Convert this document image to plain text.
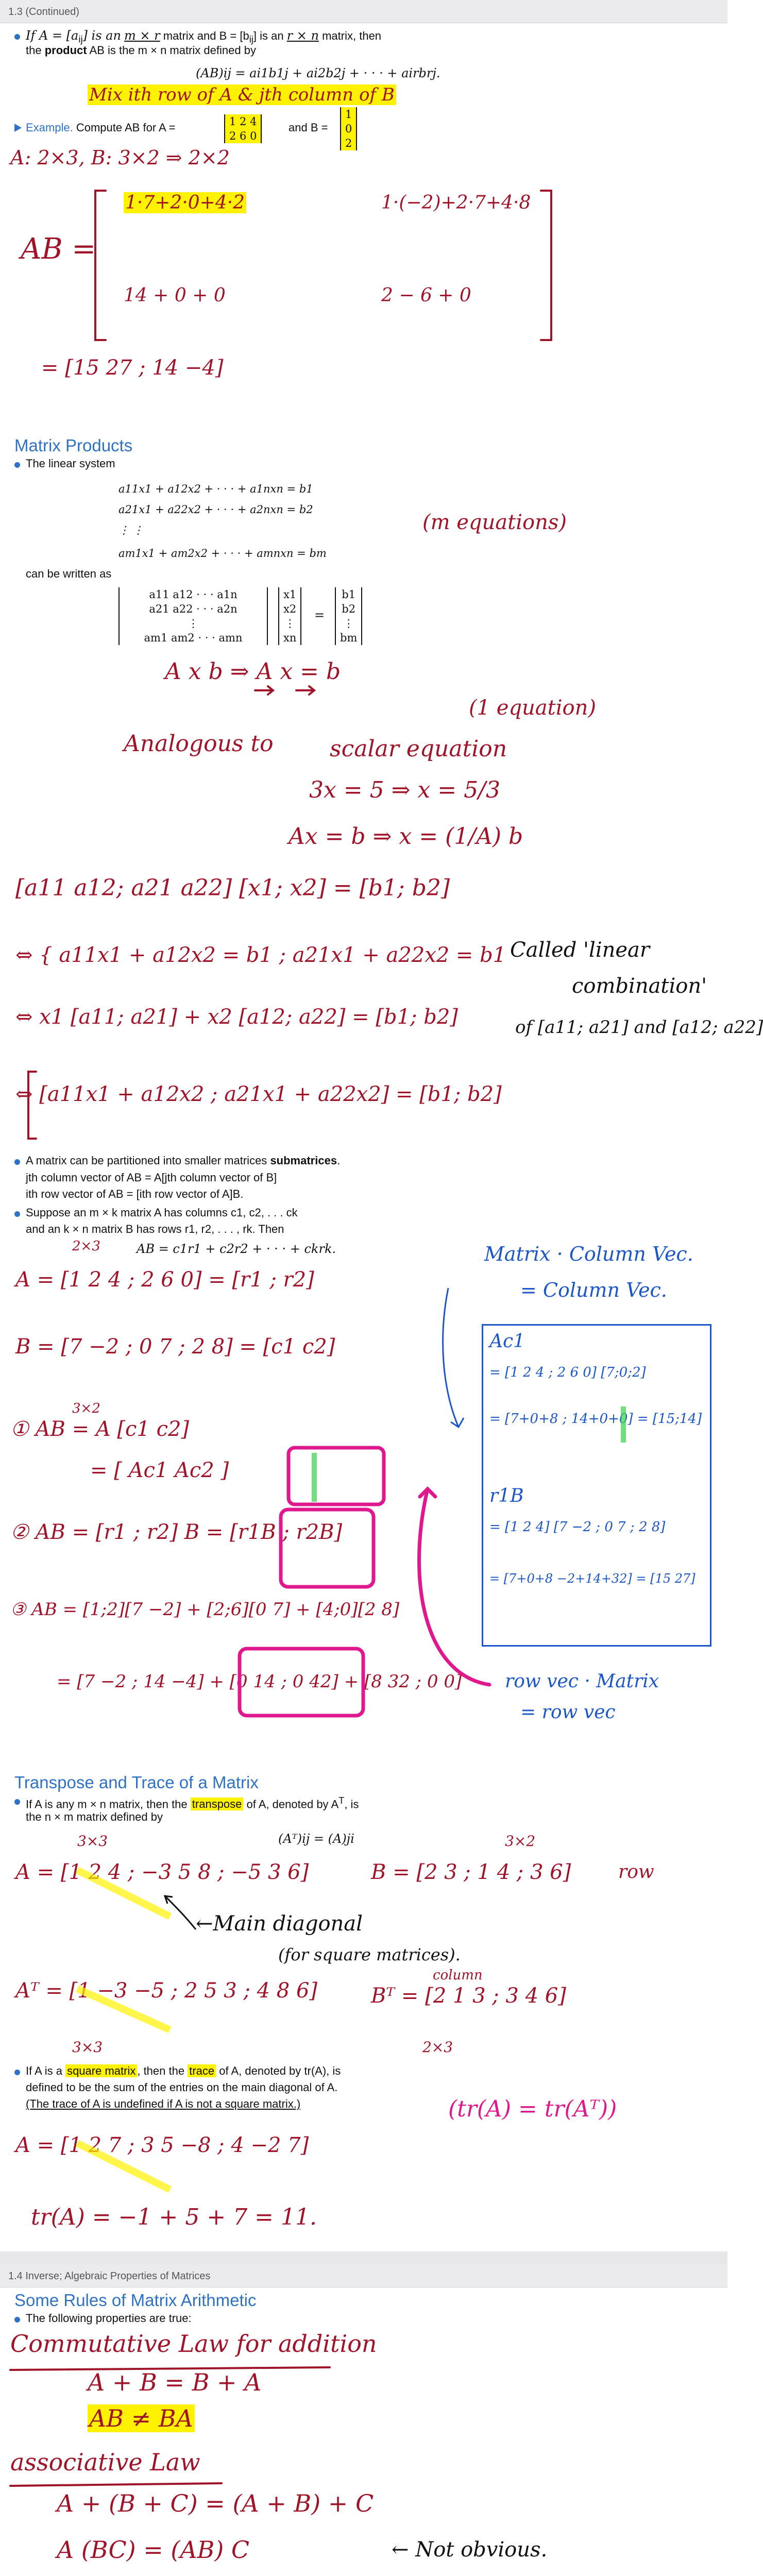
1.3 (Continued)
If $A = [a_{ij}]$ is an m × r matrix and $B = [b_{ij}]$ is an r × n matrix, then
the product AB is the m × n matrix defined by
(AB)ij = ai1b1j + ai2b2j + · · · + airbrj.
Mix ith row of A & jth column of B
Example. Compute AB for A =	1 2 4
2 6 0
and B =
1
0
2
A: 2×3, B: 3×2 ⇒ 2×2
AB =
1·7+2·0+4·2	1·(−2)+2·7+4·8
14 + 0 + 0	2 − 6 + 0
= [15 27 ; 14 −4]
Matrix Products
The linear system
a11x1 + a12x2 + · · · + a1nxn = b1
a21x1 + a22x2 + · · · + a2nxn = b2
⋮ ⋮
am1x1 + am2x2 + · · · + amnxn = bm
can be written as
a11 a12 · · · a1n
a21 a22 · · · a2n
⋮
am1 am2 · · · amn
x1
x2
⋮
xn
=
b1
b2
⋮
bm
(m equations)
A x b ⇒ A x = b
(1 equation)
Analogous to scalar equation
3x = 5 ⇒ x = 5/3
Ax = b ⇒ x = (1/A) b
[a11 a12; a21 a22] [x1; x2] = [b1; b2]
⇔ { a11x1 + a12x2 = b1 ; a21x1 + a22x2 = b1
⇔ x1 [a11; a21] + x2 [a12; a22] = [b1; b2]
⇔ [a11x1 + a12x2 ; a21x1 + a22x2] = [b1; b2]
Called 'linear
combination'
of [a11; a21] and [a12; a22]
A matrix can be partitioned into smaller matrices submatrices.
jth column vector of AB = A[jth column vector of B]
ith row vector of AB = [ith row vector of A]B.
Suppose an m × k matrix A has columns c1, c2, . . . ck
and an k × n matrix B has rows r1, r2, . . . , rk. Then
AB = c1r1 + c2r2 + · · · + ckrk.
2×3
A = [1 2 4 ; 2 6 0] = [r1 ; r2]
B = [7 −2 ; 0 7 ; 2 8] = [c1 c2]
3×2
① AB = A [c1 c2]
= [ Ac1 Ac2 ]
② AB = [r1 ; r2] B = [r1B ; r2B]
③ AB = [1;2][7 −2] + [2;6][0 7] + [4;0][2 8]
= [7 −2 ; 14 −4] + [0 14 ; 0 42] + [8 32 ; 0 0]
Matrix · Column Vec.
= Column Vec.
Ac1
= [1 2 4 ; 2 6 0] [7;0;2]
= [7+0+8 ; 14+0+0] = [15;14]
r1B
= [1 2 4] [7 −2 ; 0 7 ; 2 8]
= [7+0+8 −2+14+32] = [15 27]
row vec · Matrix
= row vec
Transpose and Trace of a Matrix
If A is any m × n matrix, then the transpose of A, denoted by $A^T$, is
the n × m matrix defined by
(Aᵀ)ij = (A)ji
3×3
A = [1 2 4 ; −3 5 8 ; −5 3 6]
3×2
B = [2 3 ; 1 4 ; 3 6]	row
←Main diagonal
(for square matrices).
Aᵀ = [1 −3 −5 ; 2 5 3 ; 4 8 6]
column
Bᵀ = [2 1 3 ; 3 4 6]
3×3	2×3
If A is a square matrix , then the trace of A, denoted by tr(A), is
defined to be the sum of the entries on the main diagonal of A.
(The trace of A is undefined if A is not a square matrix.)
A = [1 2 7 ; 3 5 −8 ; 4 −2 7]
(tr(A) = tr(Aᵀ))
tr(A) = −1 + 5 + 7 = 11.
1.4 Inverse; Algebraic Properties of Matrices
Some Rules of Matrix Arithmetic
The following properties are true:
Commutative Law for addition
A + B = B + A
AB ≠ BA
associative Law
A + (B + C) = (A + B) + C
A (BC) = (AB) C	← Not obvious.
